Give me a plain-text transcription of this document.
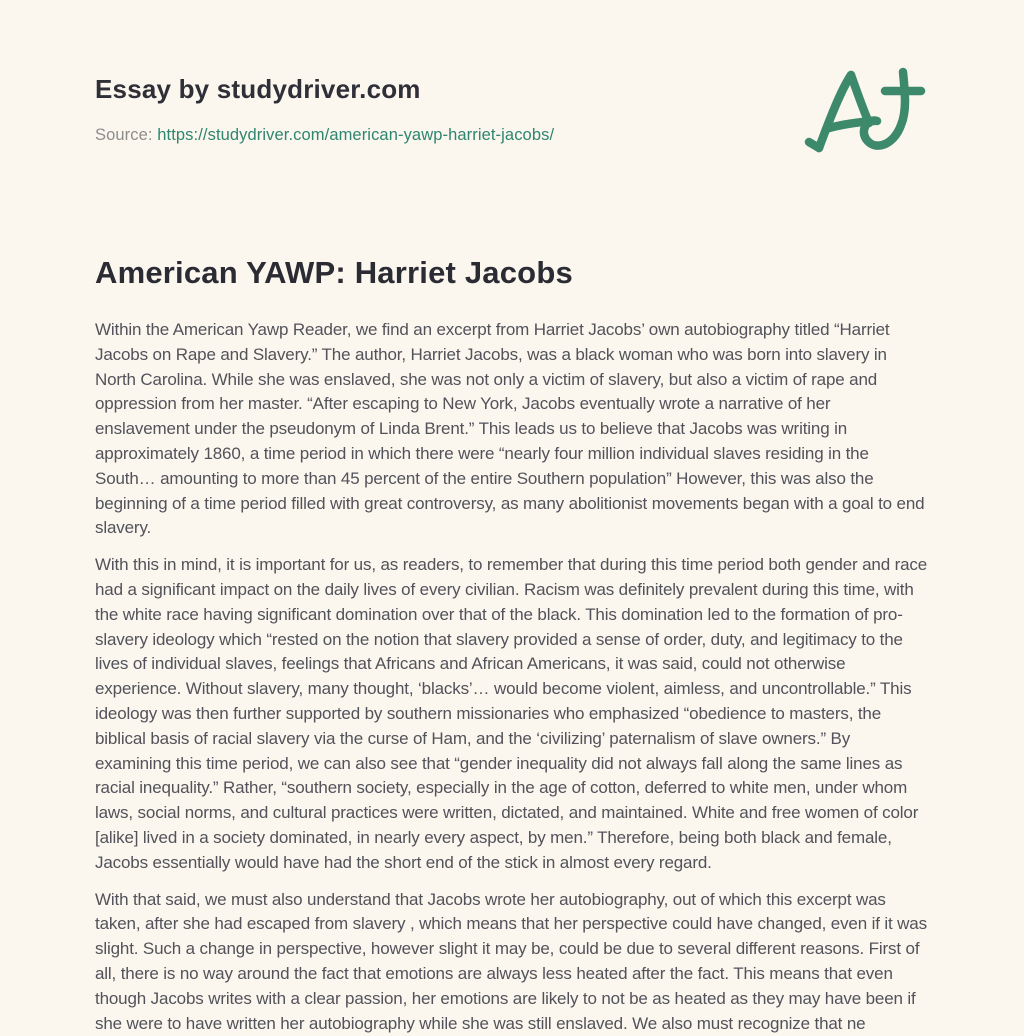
Essay by studydriver.com
Source: https://studydriver.com/american-yawp-harriet-jacobs/
American YAWP: Harriet Jacobs

Within the American Yawp Reader, we find an excerpt from Harriet Jacobs’ own autobiography titled “Harriet Jacobs on Rape and Slavery.” The author, Harriet Jacobs, was a black woman who was born into slavery in North Carolina. While she was enslaved, she was not only a victim of slavery, but also a victim of rape and oppression from her master. “After escaping to New York, Jacobs eventually wrote a narrative of her enslavement under the pseudonym of Linda Brent.” This leads us to believe that Jacobs was writing in approximately 1860, a time period in which there were “nearly four million individual slaves residing in the South… amounting to more than 45 percent of the entire Southern population” However, this was also the beginning of a time period filled with great controversy, as many abolitionist movements began with a goal to end slavery.

With this in mind, it is important for us, as readers, to remember that during this time period both gender and race had a significant impact on the daily lives of every civilian. Racism was definitely prevalent during this time, with the white race having significant domination over that of the black. This domination led to the formation of pro-slavery ideology which “rested on the notion that slavery provided a sense of order, duty, and legitimacy to the lives of individual slaves, feelings that Africans and African Americans, it was said, could not otherwise experience. Without slavery, many thought, ‘blacks’… would become violent, aimless, and uncontrollable.” This ideology was then further supported by southern missionaries who emphasized “obedience to masters, the biblical basis of racial slavery via the curse of Ham, and the ‘civilizing’ paternalism of slave owners.” By examining this time period, we can also see that “gender inequality did not always fall along the same lines as racial inequality.” Rather, “southern society, especially in the age of cotton, deferred to white men, under whom laws, social norms, and cultural practices were written, dictated, and maintained. White and free women of color [alike] lived in a society dominated, in nearly every aspect, by men.” Therefore, being both black and female, Jacobs essentially would have had the short end of the stick in almost every regard.

With that said, we must also understand that Jacobs wrote her autobiography, out of which this excerpt was taken, after she had escaped from slavery , which means that her perspective could have changed, even if it was slight. Such a change in perspective, however slight it may be, could be due to several different reasons. First of all, there is no way around the fact that emotions are always less heated after the fact. This means that even though Jacobs writes with a clear passion, her emotions are likely to not be as heated as they may have been if she were to have written her autobiography while she was still enslaved. We also must recognize that ne
